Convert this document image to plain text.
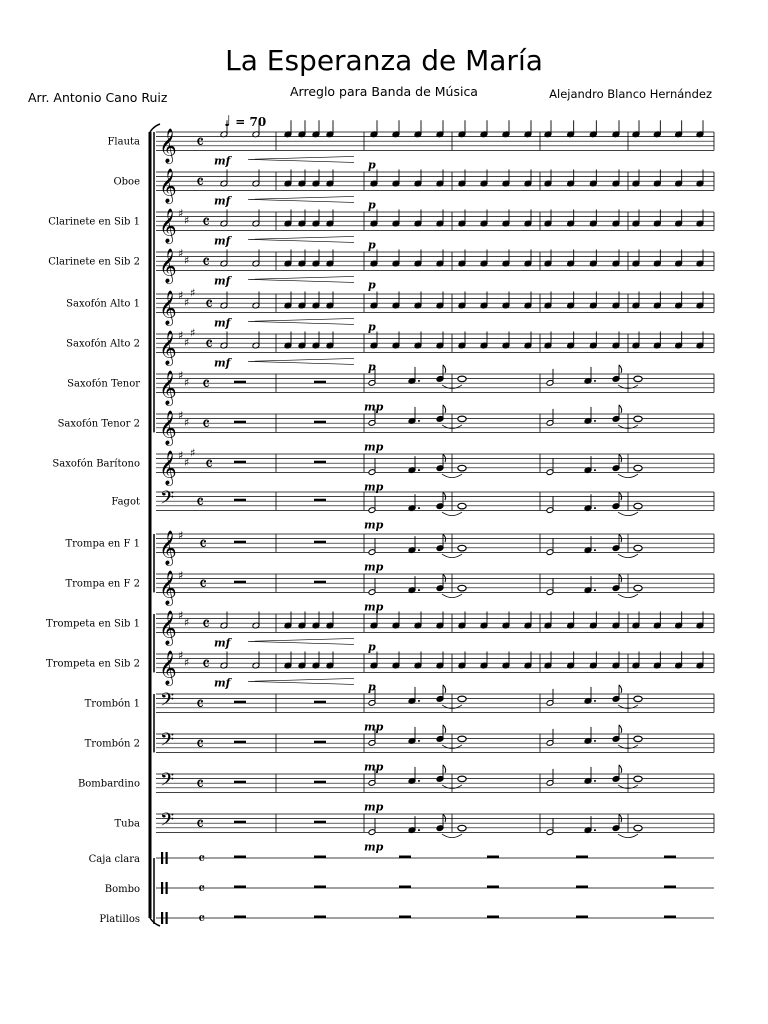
La Esperanza de María
Arreglo para Banda de Música
Arr. Antonio Cano Ruiz	Alejandro Blanco Hernández
♩ = 70
Flauta 𝄞 𝄴
mf	p
Oboe 𝄞 𝄴
mf	p
Clarinete en Sib 1 𝄞 ♯
♯ 𝄴
mf	p
Clarinete en Sib 2 𝄞 ♯
♯ 𝄴
mf	p
Saxofón Alto 1 𝄞 ♯
♯
♯
𝄴
mf	p
Saxofón Alto 2 𝄞 ♯
♯
♯
𝄴
mf	p
Saxofón Tenor 𝄞 ♯
♯ 𝄴
mp
Saxofón Tenor 2 𝄞 ♯
♯ 𝄴
mp
Saxofón Barítono 𝄞 ♯
♯
♯
𝄴
mp
Fagot 𝄢 𝄴
mp
Trompa en F 1 𝄞 ♯ 𝄴
mp
Trompa en F 2 𝄞 ♯ 𝄴
mp
Trompeta en Sib 1 𝄞 ♯
♯ 𝄴
mf	p
Trompeta en Sib 2 𝄞 ♯
♯ 𝄴
mf	p
Trombón 1 𝄢 𝄴
mp
Trombón 2 𝄢 𝄴
mp
Bombardino 𝄢 𝄴
mp
Tuba 𝄢 𝄴
mp
Caja clara	𝄴
Bombo	𝄴
Platillos	𝄴
